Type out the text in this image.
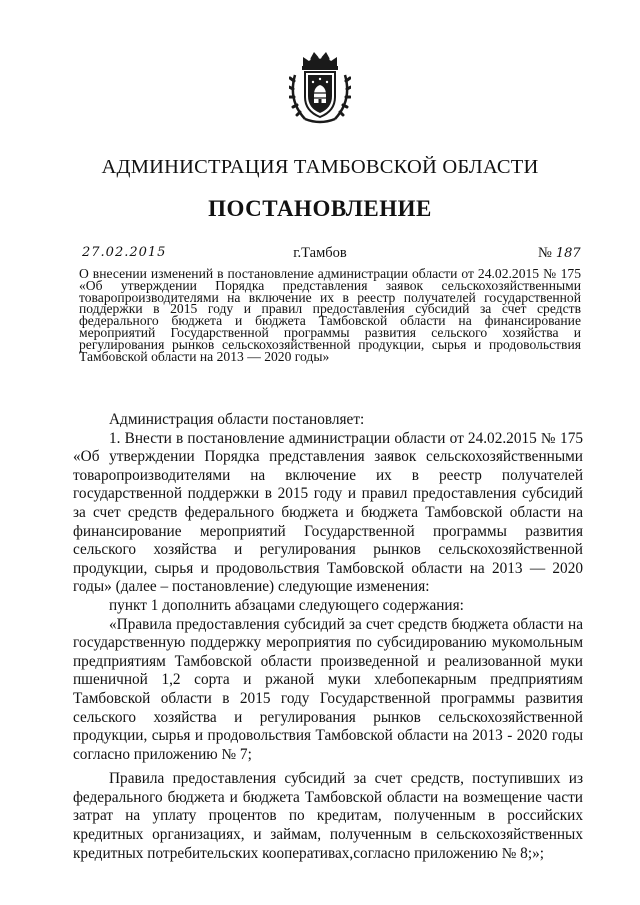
АДМИНИСТРАЦИЯ ТАМБОВСКОЙ ОБЛАСТИ
ПОСТАНОВЛЕНИЕ
27.02.2015	г.Тамбов	№ 187

О внесении изменений в постановление администрации области от 24.02.2015 № 175 «Об утверждении Порядка представления заявок сельскохозяйственными товаропроизводителями на включение их в реестр получателей государственной поддержки в 2015 году и правил предоставления субсидий за счет средств федерального бюджета и бюджета Тамбовской области на финансирование мероприятий Государственной программы развития сельского хозяйства и регулирования рынков сельскохозяйственной продукции, сырья и продовольствия Тамбовской области на 2013 — 2020 годы»

Администрация области постановляет:

1. Внести в постановление администрации области от 24.02.2015 № 175 «Об утверждении Порядка представления заявок сельскохозяйственными товаропроизводителями на включение их в реестр получателей государственной поддержки в 2015 году и правил предоставления субсидий за счет средств федерального бюджета и бюджета Тамбовской области на финансирование мероприятий Государственной программы развития сельского хозяйства и регулирования рынков сельскохозяйственной продукции, сырья и продовольствия Тамбовской области на 2013 — 2020 годы» (далее – постановление) следующие изменения:

пункт 1 дополнить абзацами следующего содержания:

«Правила предоставления субсидий за счет средств бюджета области на государственную поддержку мероприятия по субсидированию мукомольным предприятиям Тамбовской области произведенной и реализованной муки пшеничной 1,2 сорта и ржаной муки хлебопекарным предприятиям Тамбовской области в 2015 году Государственной программы развития сельского хозяйства и регулирования рынков сельскохозяйственной продукции, сырья и продовольствия Тамбовской области на 2013 - 2020 годы согласно приложению № 7;

Правила предоставления субсидий за счет средств, поступивших из федерального бюджета и бюджета Тамбовской области на возмещение части затрат на уплату процентов по кредитам, полученным в российских кредитных организациях, и займам, полученным в сельскохозяйственных кредитных потребительских кооперативах,согласно приложению № 8;»;
